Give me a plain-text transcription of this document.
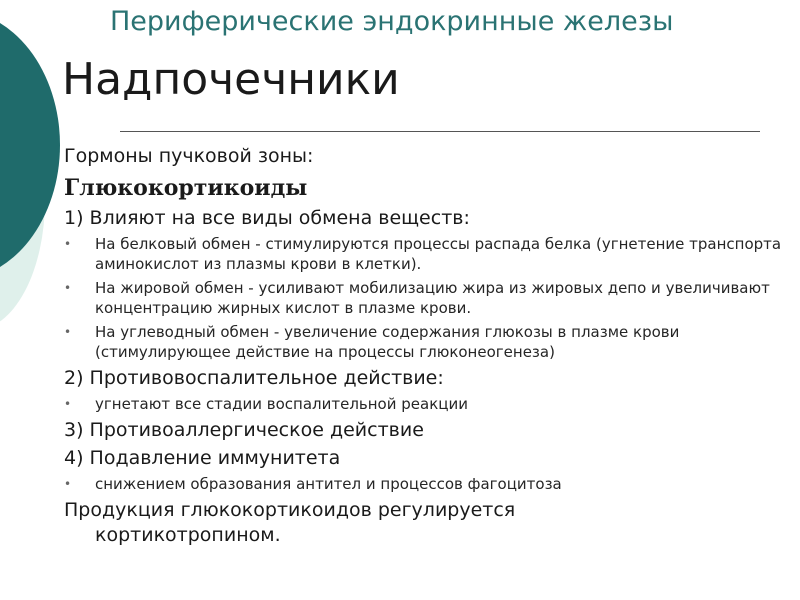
Периферические эндокринные железы
Надпочечники
Гормоны пучковой зоны:
Глюкокортикоиды
1) Влияют на все виды обмена веществ:
• На белковый обмен - стимулируются процессы распада белка (угнетение транспорта аминокислот из плазмы крови в клетки).
• На жировой обмен - усиливают мобилизацию жира из жировых депо и увеличивают концентрацию жирных кислот в плазме крови.
• На углеводный обмен - увеличение содержания глюкозы в плазме крови (стимулирующее действие на процессы глюконеогенеза)
2) Противовоспалительное действие:
• угнетают все стадии воспалительной реакции
3) Противоаллергическое действие
4) Подавление иммунитета
• снижением образования антител и процессов фагоцитоза
Продукция глюкокортикоидов регулируется
кортикотропином.
